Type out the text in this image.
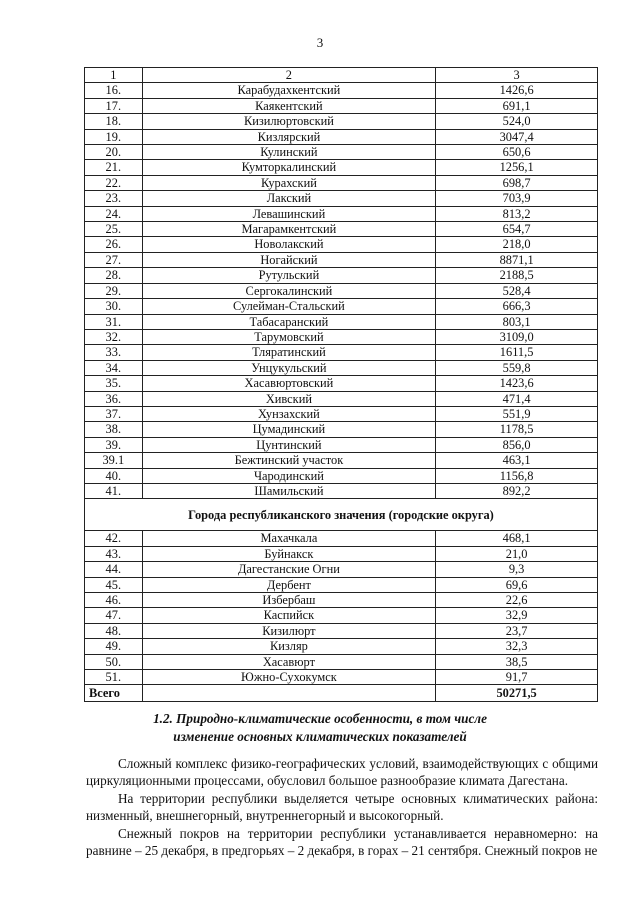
3
1	2	3
16.	Карабудахкентский	1426,6
17.	Каякентский	691,1
18.	Кизилюртовский	524,0
19.	Кизлярский	3047,4
20.	Кулинский	650,6
21.	Кумторкалинский	1256,1
22.	Курахский	698,7
23.	Лакский	703,9
24.	Левашинский	813,2
25.	Магарамкентский	654,7
26.	Новолакский	218,0
27.	Ногайский	8871,1
28.	Рутульский	2188,5
29.	Сергокалинский	528,4
30.	Сулейман-Стальский	666,3
31.	Табасаранский	803,1
32.	Тарумовский	3109,0
33.	Тляратинский	1611,5
34.	Унцукульский	559,8
35.	Хасавюртовский	1423,6
36.	Хивский	471,4
37.	Хунзахский	551,9
38.	Цумадинский	1178,5
39.	Цунтинский	856,0
39.1	Бежтинский участок	463,1
40.	Чародинский	1156,8
41.	Шамильский	892,2
Города республиканского значения (городские округа)		
42.	Махачкала	468,1
43.	Буйнакск	21,0
44.	Дагестанские Огни	9,3
45.	Дербент	69,6
46.	Избербаш	22,6
47.	Каспийск	32,9
48.	Кизилюрт	23,7
49.	Кизляр	32,3
50.	Хасавюрт	38,5
51.	Южно-Сухокумск	91,7
Всего		50271,5
1.2. Природно-климатические особенности, в том числе
изменение основных климатических показателей

Сложный комплекс физико-географических условий, взаимодействующих с общими циркуляционными процессами, обусловил большое разнообразие климата Дагестана.

На территории республики выделяется четыре основных климатических района: низменный, внешнегорный, внутреннегорный и высокогорный.

Снежный покров на территории республики устанавливается неравномерно: на равнине – 25 декабря, в предгорьях – 2 декабря, в горах – 21 сентября. Снежный покров не
